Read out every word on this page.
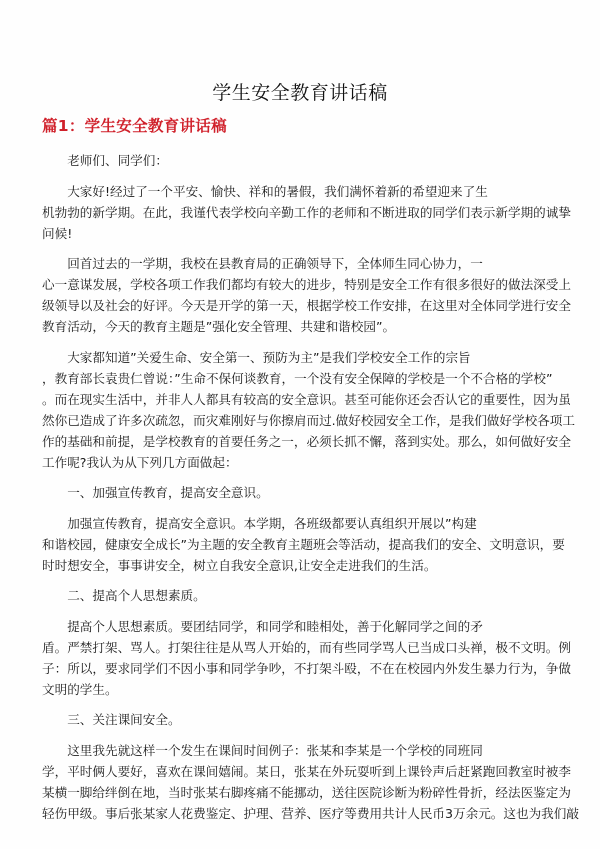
学生安全教育讲话稿
篇1：学生安全教育讲话稿
老师们、同学们：
大家好!经过了一个平安、愉快、祥和的暑假，我们满怀着新的希望迎来了生
机勃勃的新学期。在此，我谨代表学校向辛勤工作的老师和不断进取的同学们表示新学期的诚挚
问候!
回首过去的一学期，我校在县教育局的正确领导下，全体师生同心协力，一
心一意谋发展，学校各项工作我们都均有较大的进步，特别是安全工作有很多很好的做法深受上
级领导以及社会的好评。今天是开学的第一天，根据学校工作安排，在这里对全体同学进行安全
教育活动，今天的教育主题是”强化安全管理、共建和谐校园”。
大家都知道”关爱生命、安全第一、预防为主”是我们学校安全工作的宗旨
，教育部长袁贵仁曾说：”生命不保何谈教育，一个没有安全保障的学校是一个不合格的学校”
。而在现实生活中，并非人人都具有较高的安全意识。甚至可能你还会否认它的重要性，因为虽
然你已造成了许多次疏忽，而灾难刚好与你擦肩而过.做好校园安全工作，是我们做好学校各项工
作的基础和前提，是学校教育的首要任务之一，必须长抓不懈，落到实处。那么，如何做好安全
工作呢?我认为从下列几方面做起：
一、加强宣传教育，提高安全意识。
加强宣传教育，提高安全意识。本学期，各班级都要认真组织开展以”构建
和谐校园，健康安全成长”为主题的安全教育主题班会等活动，提高我们的安全、文明意识，要
时时想安全，事事讲安全，树立自我安全意识,让安全走进我们的生活。
二、提高个人思想素质。
提高个人思想素质。要团结同学，和同学和睦相处，善于化解同学之间的矛
盾。严禁打架、骂人。打架往往是从骂人开始的，而有些同学骂人已当成口头禅，极不文明。例
子：所以，要求同学们不因小事和同学争吵，不打架斗殴，不在在校园内外发生暴力行为，争做
文明的学生。
三、关注课间安全。
这里我先就这样一个发生在课间时间例子：张某和李某是一个学校的同班同
学，平时俩人要好，喜欢在课间嬉闹。某日，张某在外玩耍听到上课铃声后赶紧跑回教室时被李
某横一脚给绊倒在地，当时张某右脚疼痛不能挪动，送往医院诊断为粉碎性骨折，经法医鉴定为
轻伤甲级。事后张某家人花费鉴定、护理、营养、医疗等费用共计人民币3万余元。这也为我们敲
